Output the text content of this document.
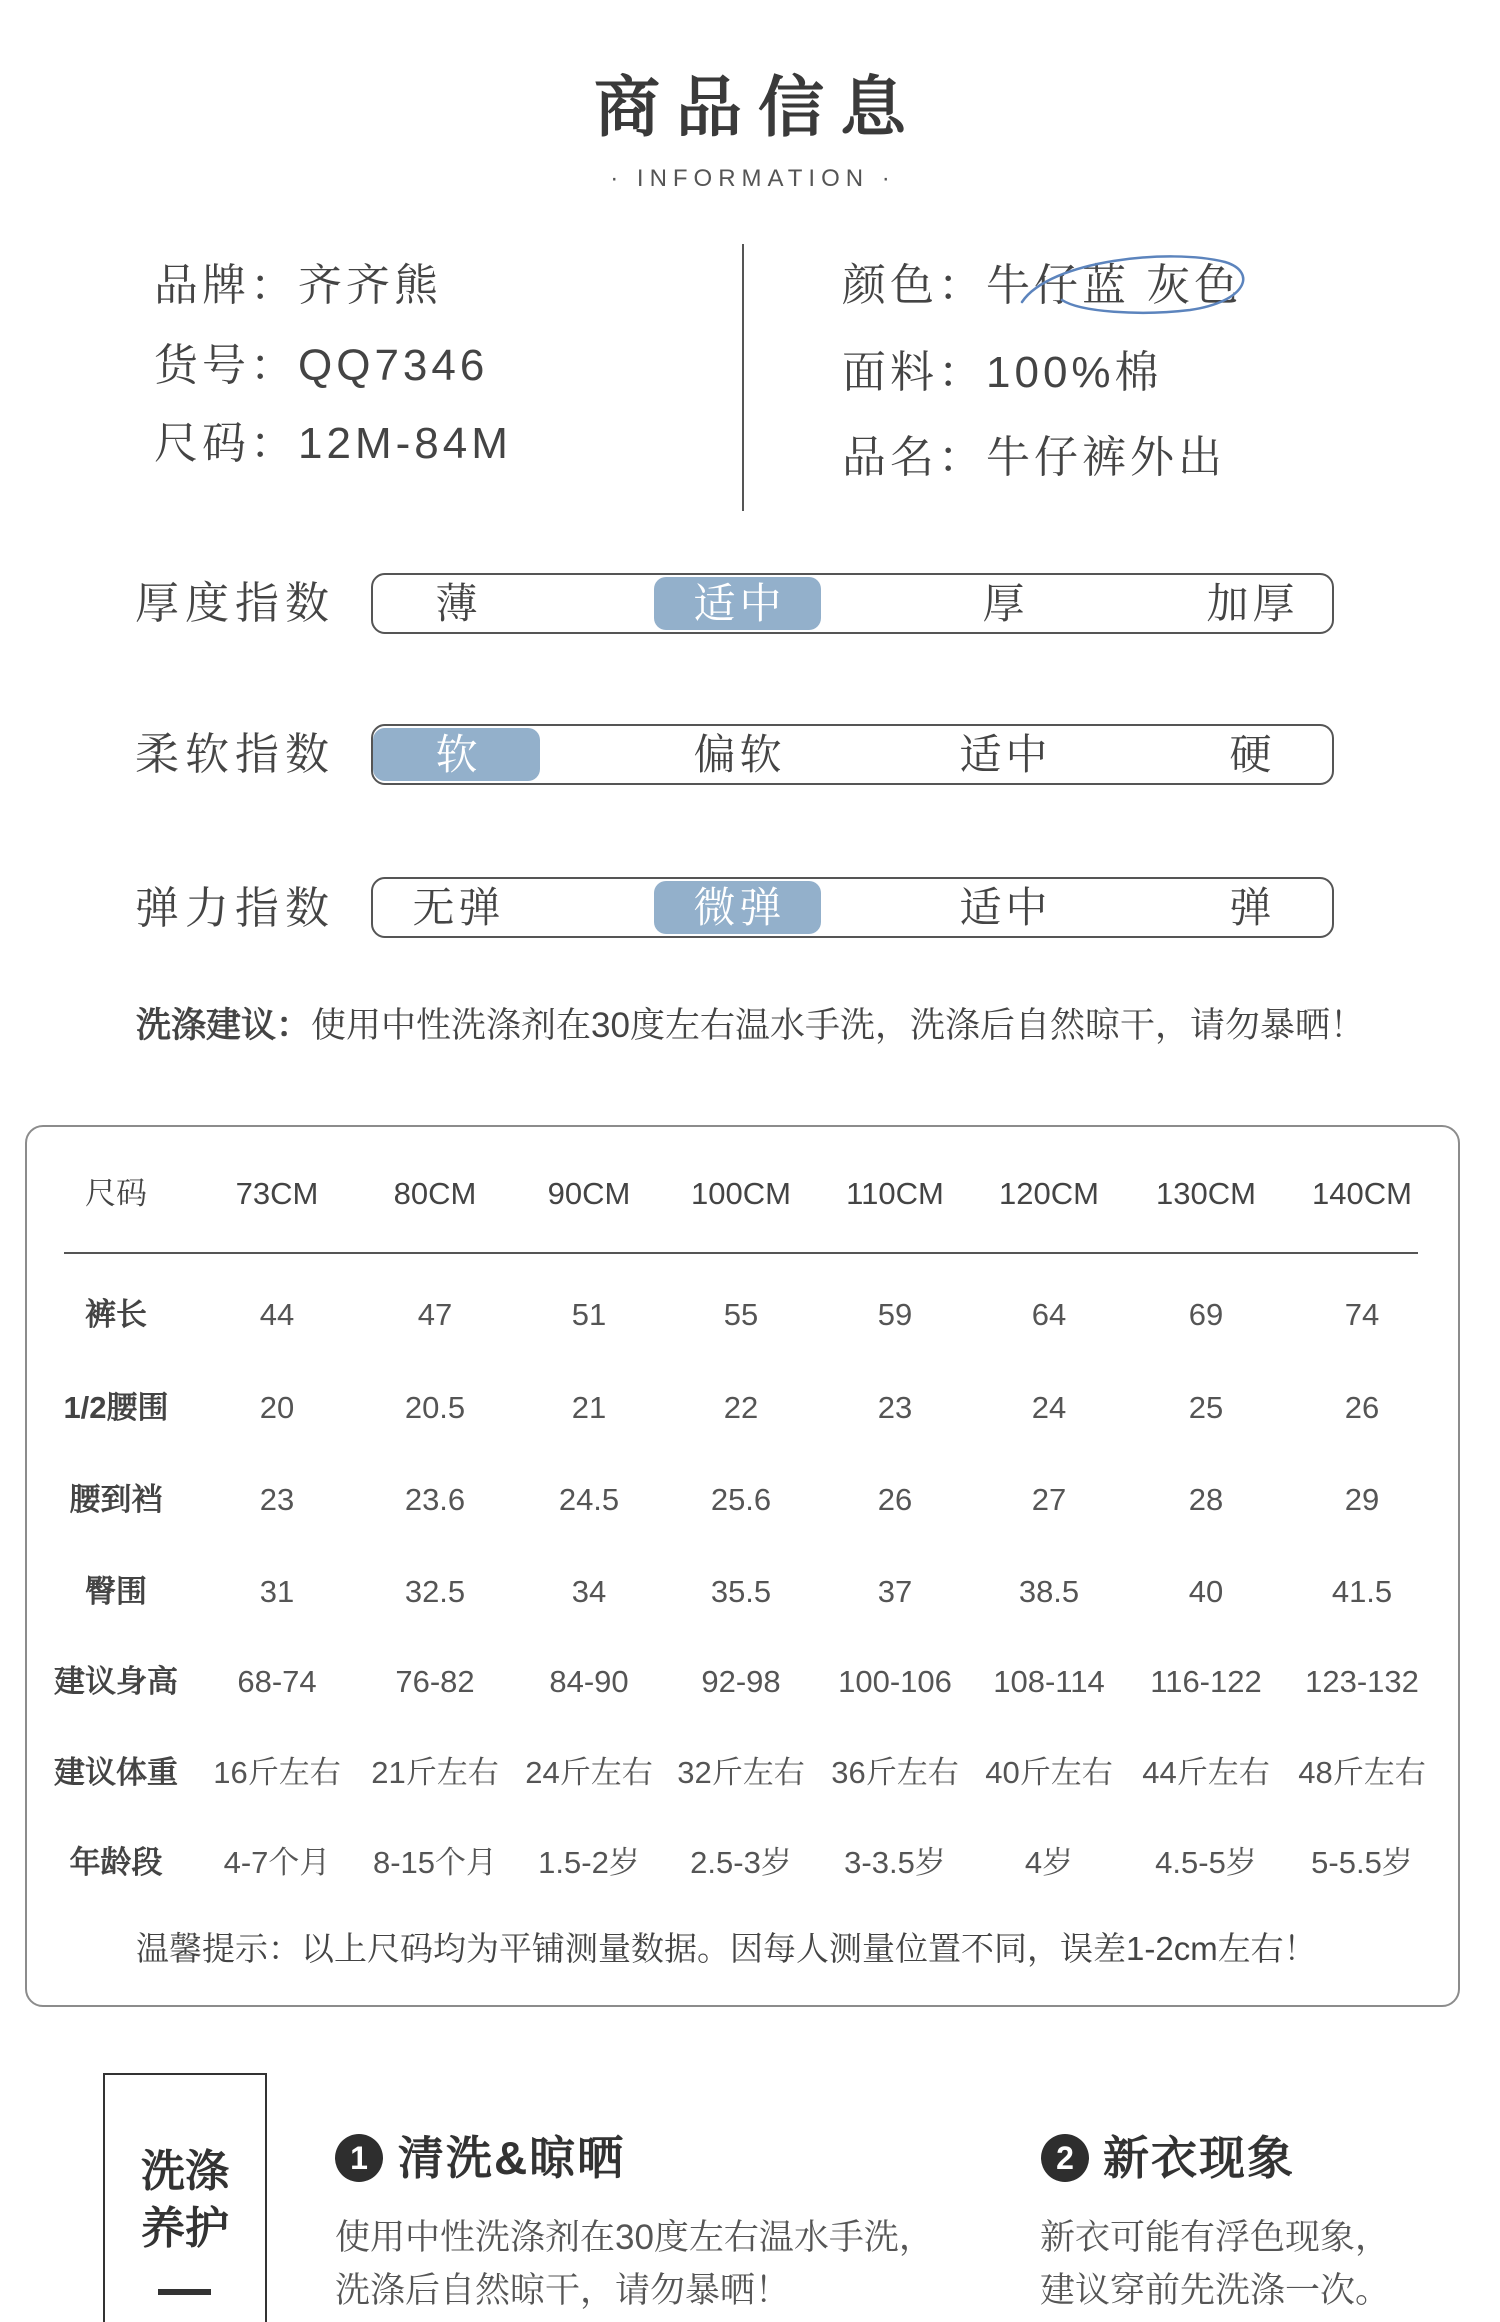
商品信息
· INFORMATION ·
品牌：齐齐熊
货号：QQ7346
尺码：12M-84M
颜色：牛仔蓝 灰色
面料：100%棉
品名：牛仔裤外出
厚度指数	薄	适中	厚	加厚
柔软指数	软	偏软	适中	硬
弹力指数	无弹	微弹	适中	弹
洗涤建议：使用中性洗涤剂在30度左右温水手洗，洗涤后自然晾干，请勿暴晒！
尺码	73CM	80CM	90CM	100CM	110CM	120CM	130CM	140CM
裤长	44	47	51	55	59	64	69	74
1/2腰围	20	20.5	21	22	23	24	25	26
腰到裆	23	23.6	24.5	25.6	26	27	28	29
臀围	31	32.5	34	35.5	37	38.5	40	41.5
建议身高	68-74	76-82	84-90	92-98	100-106	108-114	116-122	123-132
建议体重	16斤左右 21斤左右 24斤左右 32斤左右 36斤左右 40斤左右 44斤左右 48斤左右
年龄段	4-7个月	8-15个月	1.5-2岁	2.5-3岁	3-3.5岁	4岁	4.5-5岁	5-5.5岁
温馨提示：以上尺码均为平铺测量数据。因每人测量位置不同，误差1-2cm左右！
洗涤
养护
1 清洗&晾晒
使用中性洗涤剂在30度左右温水手洗，
洗涤后自然晾干，请勿暴晒！
2 新衣现象
新衣可能有浮色现象，
建议穿前先洗涤一次。
